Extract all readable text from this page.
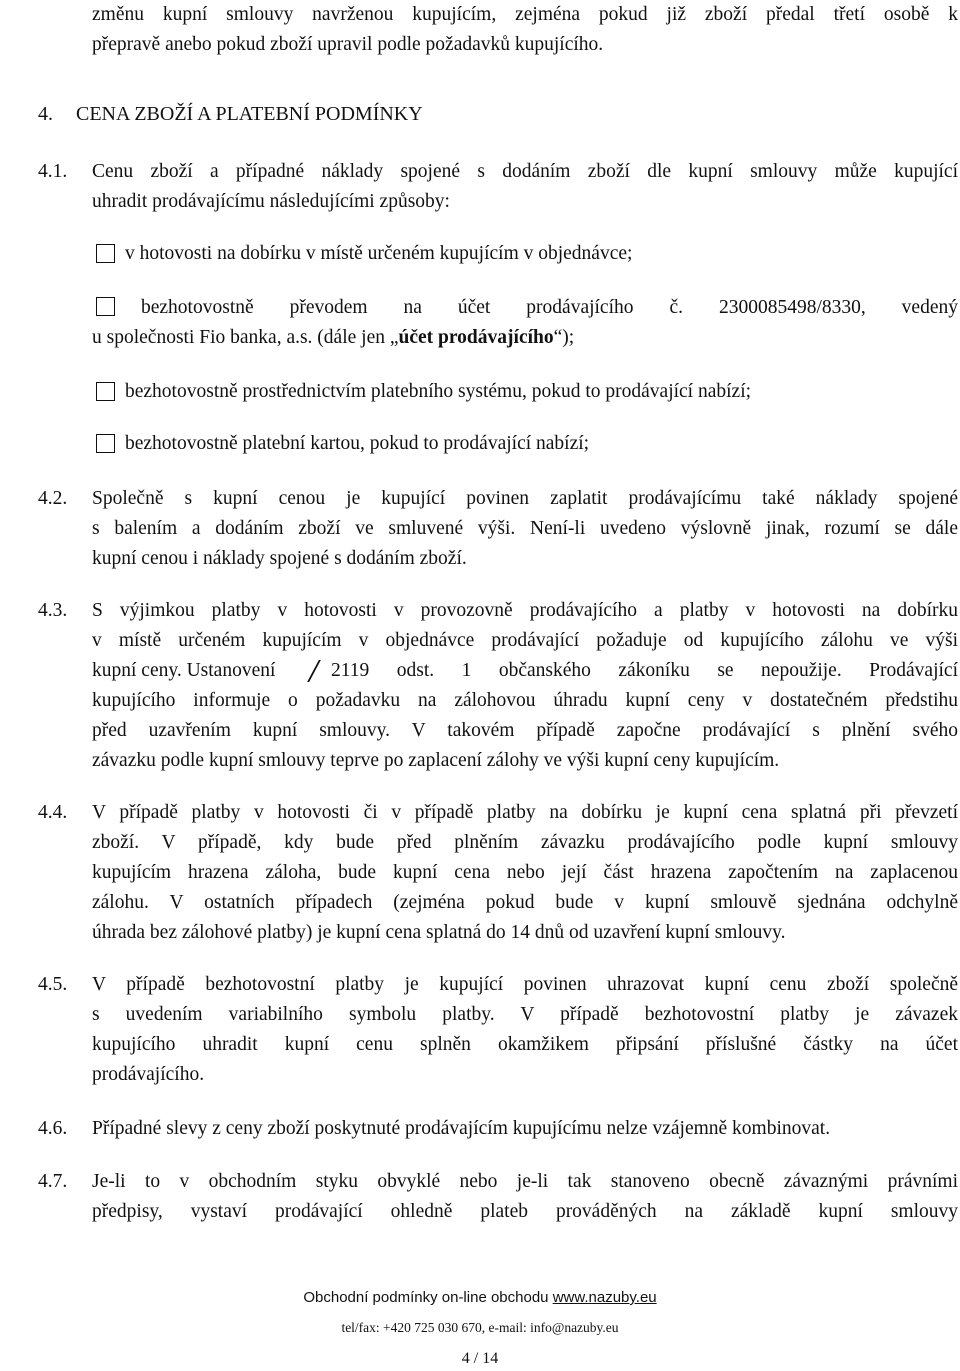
změnu kupní smlouvy navrženou kupujícím, zejména pokud již zboží předal třetí osobě k
přepravě anebo pokud zboží upravil podle požadavků kupujícího.
4. CENA ZBOŽÍ A PLATEBNÍ PODMÍNKY
4.1. Cenu zboží a případné náklady spojené s dodáním zboží dle kupní smlouvy může kupující
uhradit prodávajícímu následujícími způsoby:
v hotovosti na dobírku v místě určeném kupujícím v objednávce;
bezhotovostně převodem na účet prodávajícího č. 2300085498/8330, vedený
u společnosti Fio banka, a.s. (dále jen „účet prodávajícího“);
bezhotovostně prostřednictvím platebního systému, pokud to prodávající nabízí;
bezhotovostně platební kartou, pokud to prodávající nabízí;
4.2. Společně s kupní cenou je kupující povinen zaplatit prodávajícímu také náklady spojené
s balením a dodáním zboží ve smluvené výši. Není-li uvedeno výslovně jinak, rozumí se dále
kupní cenou i náklady spojené s dodáním zboží.
4.3. S výjimkou platby v hotovosti v provozovně prodávajícího a platby v hotovosti na dobírku
v místě určeném kupujícím v objednávce prodávající požaduje od kupujícího zálohu ve výši
kupní ceny. Ustanovení	2119 odst. 1 občanského zákoníku se nepoužije. Prodávající
kupujícího informuje o požadavku na zálohovou úhradu kupní ceny v dostatečném předstihu
před uzavřením kupní smlouvy. V takovém případě započne prodávající s plnění svého
závazku podle kupní smlouvy teprve po zaplacení zálohy ve výši kupní ceny kupujícím.
4.4. V případě platby v hotovosti či v případě platby na dobírku je kupní cena splatná při převzetí
zboží. V případě, kdy bude před plněním závazku prodávajícího podle kupní smlouvy
kupujícím hrazena záloha, bude kupní cena nebo její část hrazena započtením na zaplacenou
zálohu. V ostatních případech (zejména pokud bude v kupní smlouvě sjednána odchylně
úhrada bez zálohové platby) je kupní cena splatná do 14 dnů od uzavření kupní smlouvy.
4.5. V případě bezhotovostní platby je kupující povinen uhrazovat kupní cenu zboží společně
s uvedením variabilního symbolu platby. V případě bezhotovostní platby je závazek
kupujícího uhradit kupní cenu splněn okamžikem připsání příslušné částky na účet
prodávajícího.
4.6. Případné slevy z ceny zboží poskytnuté prodávajícím kupujícímu nelze vzájemně kombinovat.
4.7. Je-li to v obchodním styku obvyklé nebo je-li tak stanoveno obecně závaznými právními
předpisy, vystaví prodávající ohledně plateb prováděných na základě kupní smlouvy
Obchodní podmínky on-line obchodu www.nazuby.eu
tel/fax: +420 725 030 670, e-mail: info@nazuby.eu
4 / 14
